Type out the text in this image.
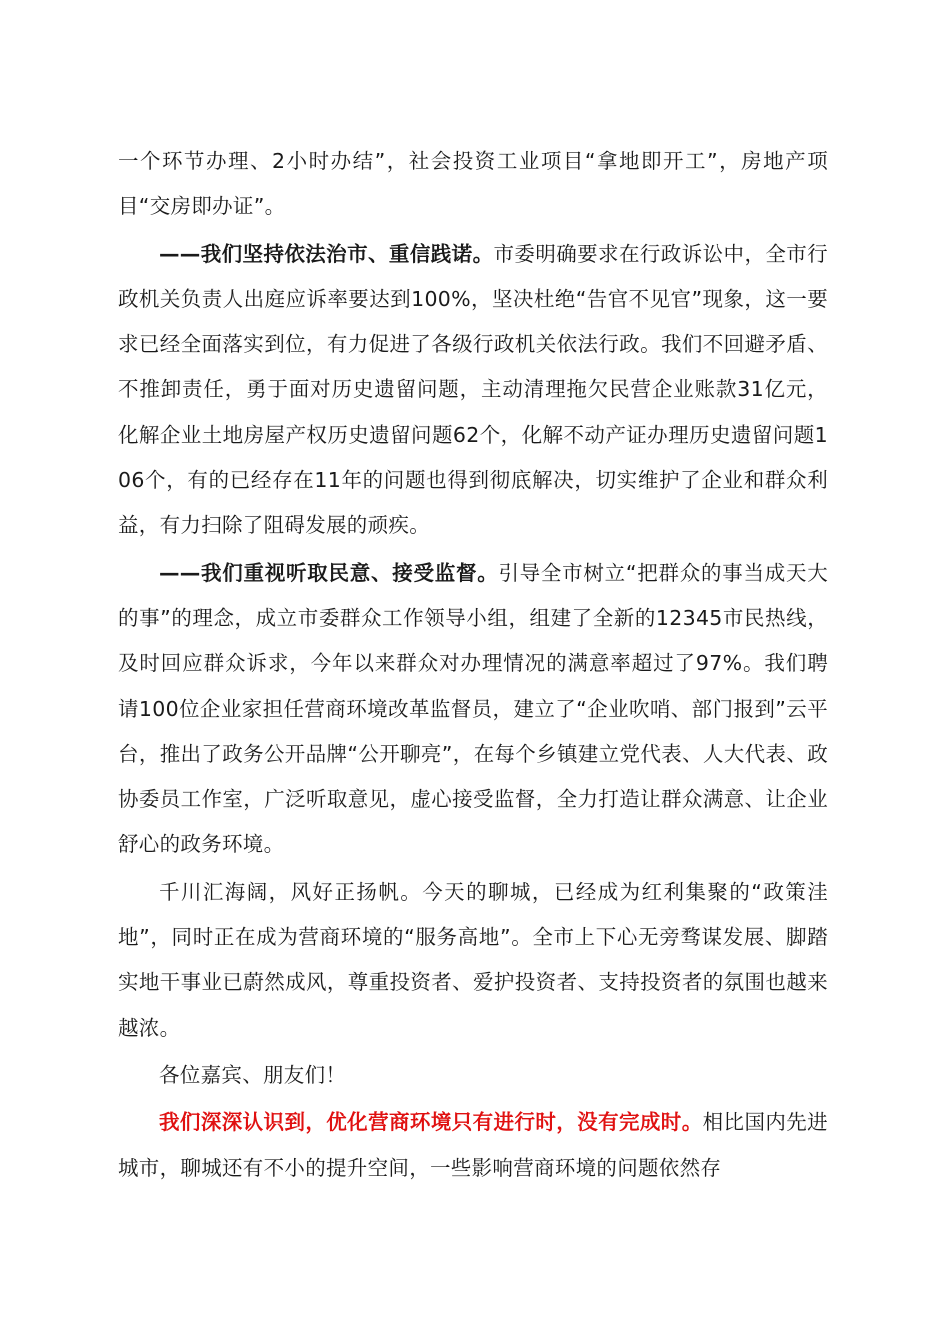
一个环节办理、2小时办结”，社会投资工业项目“拿地即开工”，房地产项目“交房即办证”。

——我们坚持依法治市、重信践诺。市委明确要求在行政诉讼中，全市行政机关负责人出庭应诉率要达到100%，坚决杜绝“告官不见官”现象，这一要求已经全面落实到位，有力促进了各级行政机关依法行政。我们不回避矛盾、不推卸责任，勇于面对历史遗留问题，主动清理拖欠民营企业账款31亿元，化解企业土地房屋产权历史遗留问题62个，化解不动产证办理历史遗留问题106个，有的已经存在11年的问题也得到彻底解决，切实维护了企业和群众利益，有力扫除了阻碍发展的顽疾。

——我们重视听取民意、接受监督。引导全市树立“把群众的事当成天大的事”的理念，成立市委群众工作领导小组，组建了全新的12345市民热线，及时回应群众诉求，今年以来群众对办理情况的满意率超过了97%。我们聘请100位企业家担任营商环境改革监督员，建立了“企业吹哨、部门报到”云平台，推出了政务公开品牌“公开聊亮”，在每个乡镇建立党代表、人大代表、政协委员工作室，广泛听取意见，虚心接受监督，全力打造让群众满意、让企业舒心的政务环境。

千川汇海阔，风好正扬帆。今天的聊城，已经成为红利集聚的“政策洼地”，同时正在成为营商环境的“服务高地”。全市上下心无旁骛谋发展、脚踏实地干事业已蔚然成风，尊重投资者、爱护投资者、支持投资者的氛围也越来越浓。

各位嘉宾、朋友们！

我们深深认识到，优化营商环境只有进行时，没有完成时。相比国内先进城市，聊城还有不小的提升空间，一些影响营商环境的问题依然存
